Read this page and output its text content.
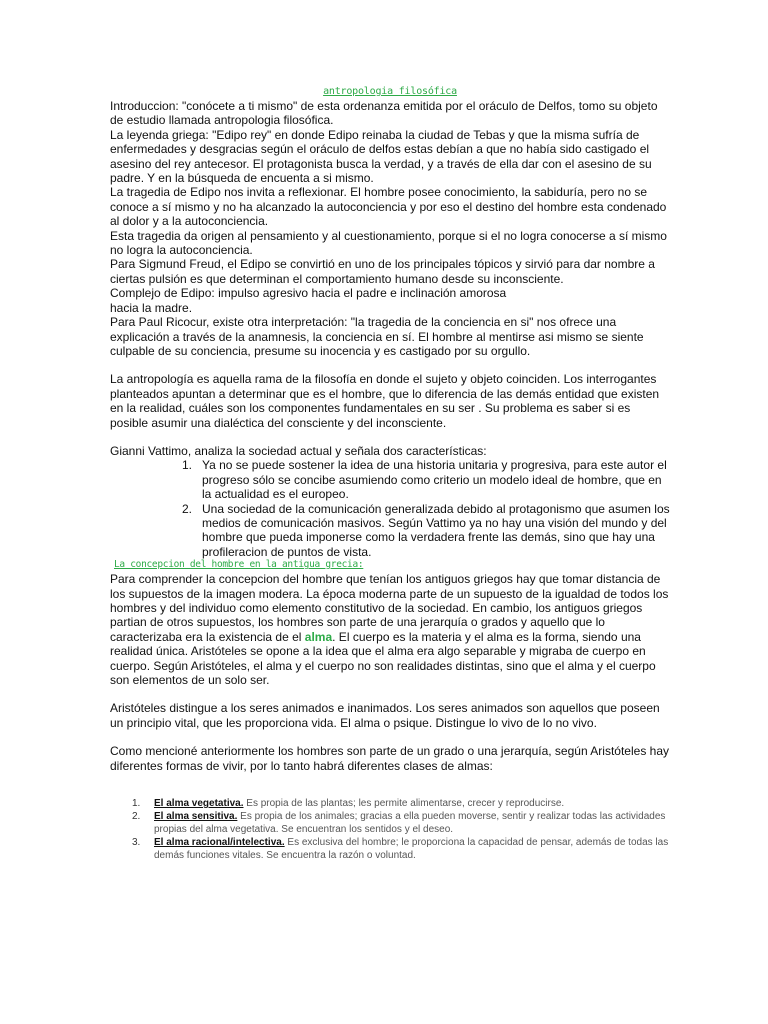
antropologia filosófica

Introduccion: "conócete a ti mismo" de esta ordenanza emitida por el oráculo de Delfos, tomo su objeto de estudio llamada antropologia filosófica.

La leyenda griega: "Edipo rey" en donde Edipo reinaba la ciudad de Tebas y que la misma sufría de enfermedades y desgracias según el oráculo de delfos estas debían a que no había sido castigado el asesino del rey antecesor. El protagonista busca la verdad, y a través de ella dar con el asesino de su padre. Y en la búsqueda de encuenta a si mismo.

La tragedia de Edipo nos invita a reflexionar. El hombre posee conocimiento, la sabiduría, pero no se conoce a sí mismo y no ha alcanzado la autoconciencia y por eso el destino del hombre esta condenado al dolor y a la autoconciencia.

Esta tragedia da origen al pensamiento y al cuestionamiento, porque si el no logra conocerse a sí mismo no logra la autoconciencia.

Para Sigmund Freud, el Edipo se convirtió en uno de los principales tópicos y sirvió para dar nombre a ciertas pulsión es que determinan el comportamiento humano desde su inconsciente.

Complejo de Edipo: impulso agresivo hacia el padre e inclinación amorosa

hacia la madre.

Para Paul Ricocur, existe otra interpretación: "la tragedia de la conciencia en si" nos ofrece una explicación a través de la anamnesis, la conciencia en sí. El hombre al mentirse asi mismo se siente culpable de su conciencia, presume su inocencia y es castigado por su orgullo.

La antropología es aquella rama de la filosofía en donde el sujeto y objeto coinciden. Los interrogantes planteados apuntan a determinar que es el hombre, que lo diferencia de las demás entidad que existen en la realidad, cuáles son los componentes fundamentales en su ser . Su problema es saber si es posible asumir una dialéctica del consciente y del inconsciente.

Gianni Vattimo, analiza la sociedad actual y señala dos características:

1. Ya no se puede sostener la idea de una historia unitaria y progresiva, para este autor el progreso sólo se concibe asumiendo como criterio un modelo ideal de hombre, que en la actualidad es el europeo.
2. Una sociedad de la comunicación generalizada debido al protagonismo que asumen los medios de comunicación masivos. Según Vattimo ya no hay una visión del mundo y del hombre que pueda imponerse como la verdadera frente las demás, sino que hay una profileracion de puntos de vista.
La concepcion del hombre en la antigua grecia:

Para comprender la concepcion del hombre que tenían los antiguos griegos hay que tomar distancia de los supuestos de la imagen modera. La época moderna parte de un supuesto de la igualdad de todos los hombres y del individuo como elemento constitutivo de la sociedad. En cambio, los antiguos griegos partian de otros supuestos, los hombres son parte de una jerarquía o grados y aquello que lo caracterizaba era la existencia de el alma. El cuerpo es la materia y el alma es la forma, siendo una realidad única. Aristóteles se opone a la idea que el alma era algo separable y migraba de cuerpo en cuerpo. Según Aristóteles, el alma y el cuerpo no son realidades distintas, sino que el alma y el cuerpo son elementos de un solo ser.

Aristóteles distingue a los seres animados e inanimados. Los seres animados son aquellos que poseen un principio vital, que les proporciona vida. El alma o psique. Distingue lo vivo de lo no vivo.

Como mencioné anteriormente los hombres son parte de un grado o una jerarquía, según Aristóteles hay diferentes formas de vivir, por lo tanto habrá diferentes clases de almas:

1.	El alma vegetativa. Es propia de las plantas; les permite alimentarse, crecer y reproducirse.
2.	El alma sensitiva. Es propia de los animales; gracias a ella pueden moverse, sentir y realizar todas las actividades propias del alma vegetativa. Se encuentran los sentidos y el deseo.
3.	El alma racional/intelectiva. Es exclusiva del hombre; le proporciona la capacidad de pensar, además de todas las demás funciones vitales. Se encuentra la razón o voluntad.
